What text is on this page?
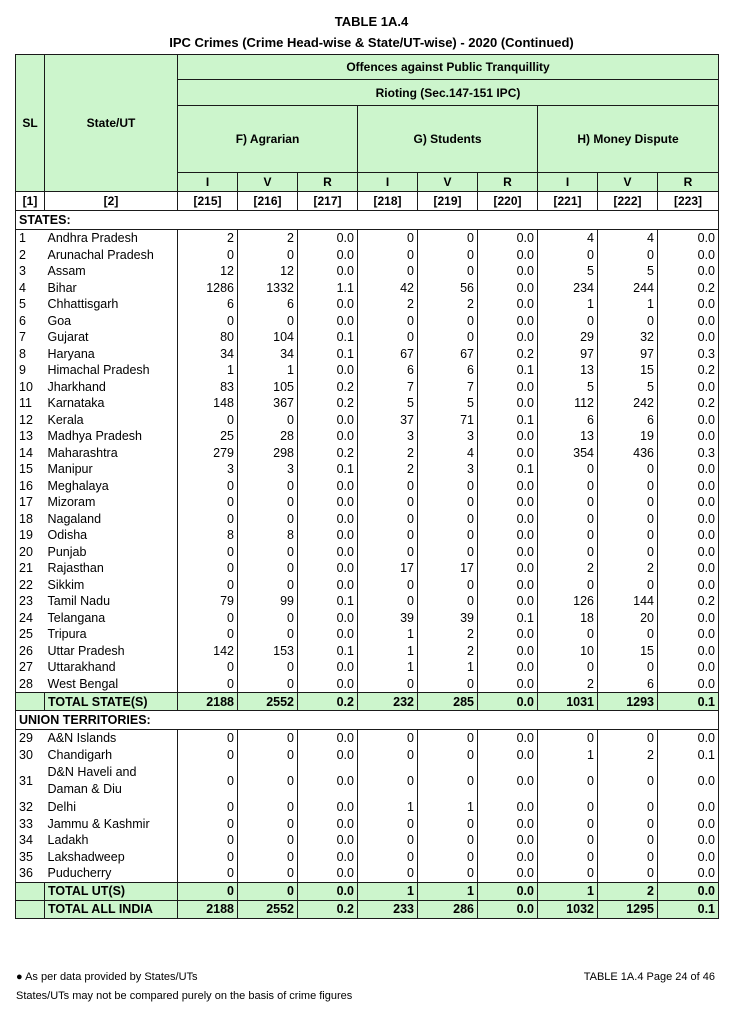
TABLE 1A.4
IPC Crimes (Crime Head-wise & State/UT-wise) - 2020 (Continued)
SL	State/UT	Offences against Public Tranquillity								
		Rioting (Sec.147-151 IPC)								
		F) Agrarian			G) Students			H) Money Dispute		
		I	V	R	I	V	R	I	V	R
[1]	[2]	[215]	[216]	[217]	[218]	[219]	[220]	[221]	[222]	[223]
STATES:										
1	Andhra Pradesh	2	2	0.0	0	0	0.0	4	4	0.0
2	Arunachal Pradesh	0	0	0.0	0	0	0.0	0	0	0.0
3	Assam	12	12	0.0	0	0	0.0	5	5	0.0
4	Bihar	1286	1332	1.1	42	56	0.0	234	244	0.2
5	Chhattisgarh	6	6	0.0	2	2	0.0	1	1	0.0
6	Goa	0	0	0.0	0	0	0.0	0	0	0.0
7	Gujarat	80	104	0.1	0	0	0.0	29	32	0.0
8	Haryana	34	34	0.1	67	67	0.2	97	97	0.3
9	Himachal Pradesh	1	1	0.0	6	6	0.1	13	15	0.2
10	Jharkhand	83	105	0.2	7	7	0.0	5	5	0.0
11	Karnataka	148	367	0.2	5	5	0.0	112	242	0.2
12	Kerala	0	0	0.0	37	71	0.1	6	6	0.0
13	Madhya Pradesh	25	28	0.0	3	3	0.0	13	19	0.0
14	Maharashtra	279	298	0.2	2	4	0.0	354	436	0.3
15	Manipur	3	3	0.1	2	3	0.1	0	0	0.0
16	Meghalaya	0	0	0.0	0	0	0.0	0	0	0.0
17	Mizoram	0	0	0.0	0	0	0.0	0	0	0.0
18	Nagaland	0	0	0.0	0	0	0.0	0	0	0.0
19	Odisha	8	8	0.0	0	0	0.0	0	0	0.0
20	Punjab	0	0	0.0	0	0	0.0	0	0	0.0
21	Rajasthan	0	0	0.0	17	17	0.0	2	2	0.0
22	Sikkim	0	0	0.0	0	0	0.0	0	0	0.0
23	Tamil Nadu	79	99	0.1	0	0	0.0	126	144	0.2
24	Telangana	0	0	0.0	39	39	0.1	18	20	0.0
25	Tripura	0	0	0.0	1	2	0.0	0	0	0.0
26	Uttar Pradesh	142	153	0.1	1	2	0.0	10	15	0.0
27	Uttarakhand	0	0	0.0	1	1	0.0	0	0	0.0
28	West Bengal	0	0	0.0	0	0	0.0	2	6	0.0
	TOTAL STATE(S)	2188	2552	0.2	232	285	0.0	1031	1293	0.1
UNION TERRITORIES:										
29	A&N Islands	0	0	0.0	0	0	0.0	0	0	0.0
30	Chandigarh	0	0	0.0	0	0	0.0	1	2	0.1
31	D&N Haveli and Daman & Diu	0	0	0.0	0	0	0.0	0	0	0.0
32	Delhi	0	0	0.0	1	1	0.0	0	0	0.0
33	Jammu & Kashmir	0	0	0.0	0	0	0.0	0	0	0.0
34	Ladakh	0	0	0.0	0	0	0.0	0	0	0.0
35	Lakshadweep	0	0	0.0	0	0	0.0	0	0	0.0
36	Puducherry	0	0	0.0	0	0	0.0	0	0	0.0
	TOTAL UT(S)	0	0	0.0	1	1	0.0	1	2	0.0
	TOTAL ALL INDIA	2188	2552	0.2	233	286	0.0	1032	1295	0.1
● As per data provided by States/UTs
States/UTs may not be compared purely on the basis of crime figures
TABLE 1A.4 Page 24 of 46
